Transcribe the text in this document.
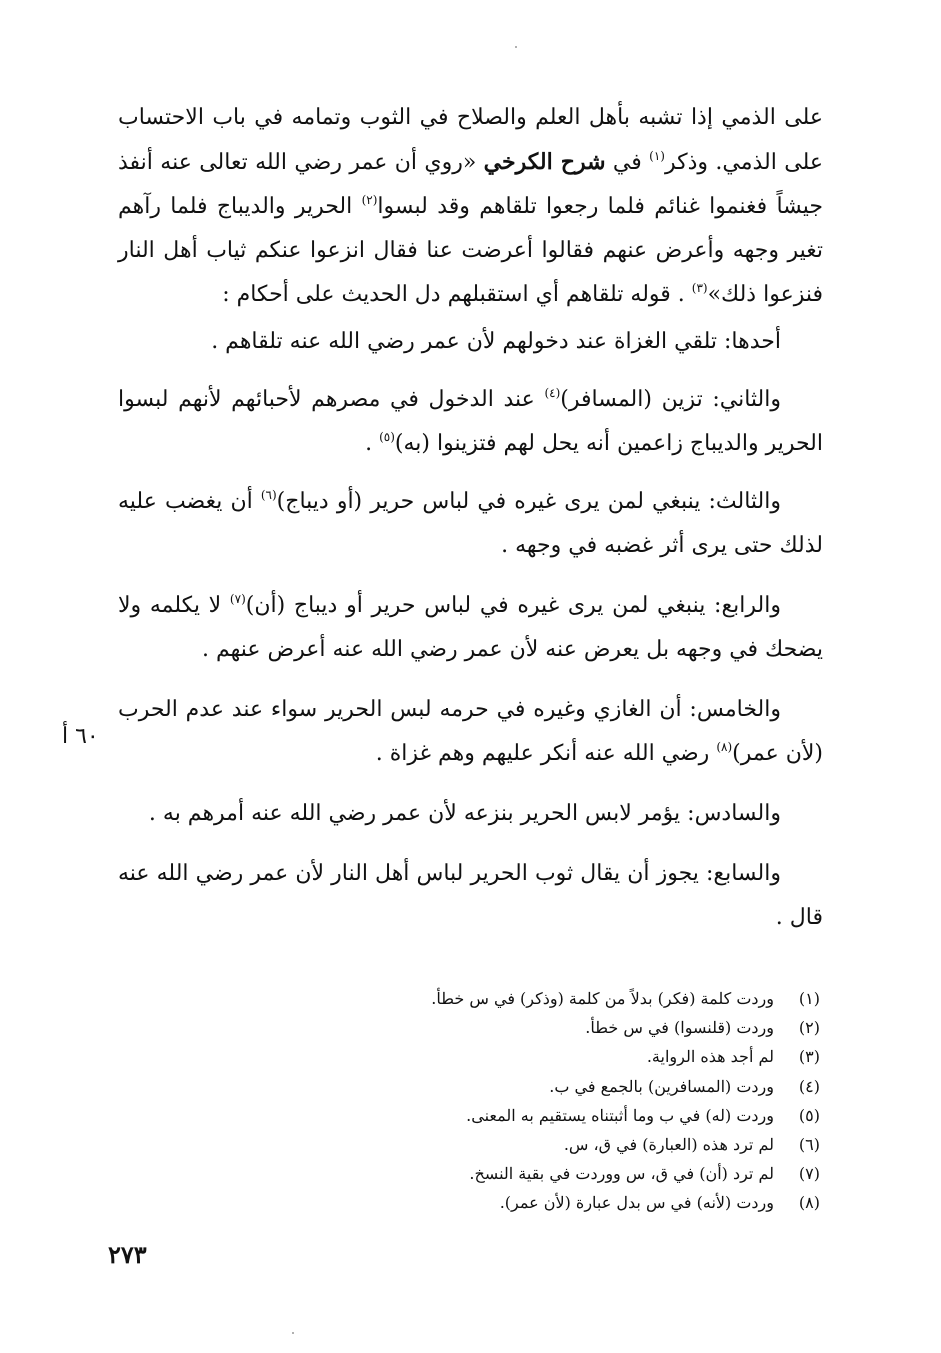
على الذمي إذا تشبه بأهل العلم والصلاح في الثوب وتمامه في باب الاحتساب على الذمي. وذكر$^{(١)}$ في شرح الكرخي «روي أن عمر رضي الله تعالى عنه أنفذ جيشاً فغنموا غنائم فلما رجعوا تلقاهم وقد لبسوا$^{(٢)}$ الحرير والديباج فلما رآهم تغير وجهه وأعرض عنهم فقالوا أعرضت عنا فقال انزعوا عنكم ثياب أهل النار فنزعوا ذلك»$^{(٣)}$ . قوله تلقاهم أي استقبلهم دل الحديث على أحكام :

أحدها: تلقي الغزاة عند دخولهم لأن عمر رضي الله عنه تلقاهم .

والثاني: تزين (المسافر)$^{(٤)}$ عند الدخول في مصرهم لأحبائهم لأنهم لبسوا الحرير والديباج زاعمين أنه يحل لهم فتزينوا (به)$^{(٥)}$ .

والثالث: ينبغي لمن يرى غيره في لباس حرير (أو ديباج)$^{(٦)}$ أن يغضب عليه لذلك حتى يرى أثر غضبه في وجهه .

والرابع: ينبغي لمن يرى غيره في لباس حرير أو ديباج (أن)$^{(٧)}$ لا يكلمه ولا يضحك في وجهه بل يعرض عنه لأن عمر رضي الله عنه أعرض عنهم .

والخامس: أن الغازي وغيره في حرمه لبس الحرير سواء عند عدم الحرب (لأن عمر)$^{(٨)}$ رضي الله عنه أنكر عليهم وهم غزاة .

والسادس: يؤمر لابس الحرير بنزعه لأن عمر رضي الله عنه أمرهم به .

والسابع: يجوز أن يقال ثوب الحرير لباس أهل النار لأن عمر رضي الله عنه قال .

٦٠ أ
(١)
وردت كلمة (فكر) بدلاً من كلمة (وذكر) في س خطأ.
(٢)
وردت (قلنسوا) في س خطأ.
(٣)
لم أجد هذه الرواية.
(٤)
وردت (المسافرين) بالجمع في ب.
(٥)
وردت (له) في ب وما أثبتناه يستقيم به المعنى.
(٦)
لم ترد هذه (العبارة) في ق، س.
(٧)
لم ترد (أن) في ق، س ووردت في بقية النسخ.
(٨)
وردت (لأنه) في س بدل عبارة (لأن عمر).
٢٧٣
